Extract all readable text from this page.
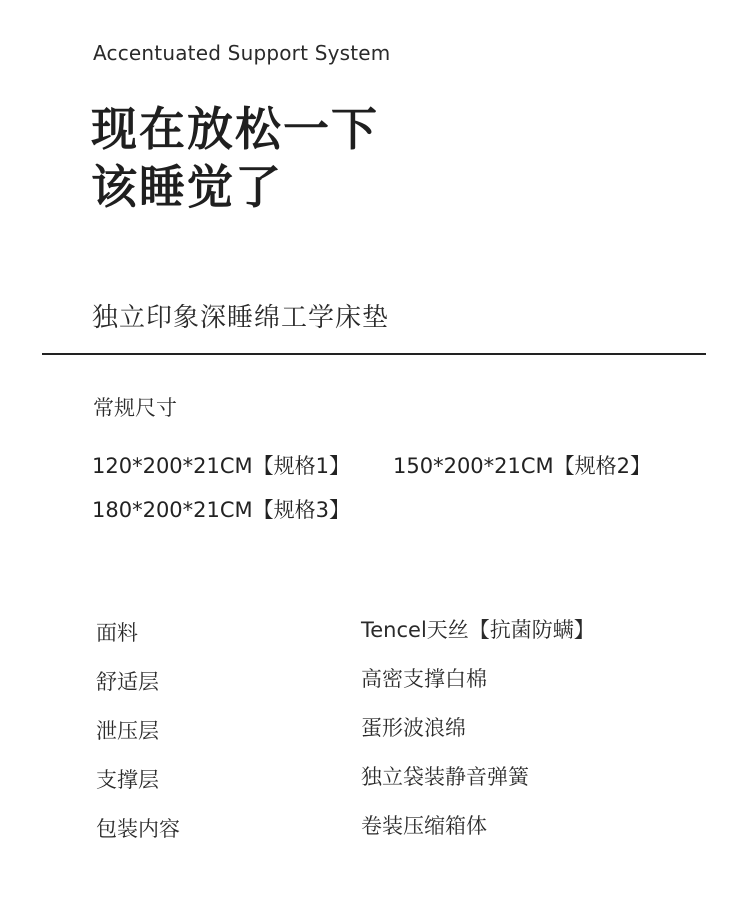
Accentuated Support System
现在放松一下
该睡觉了
独立印象深睡绵工学床垫
常规尺寸
120*200*21CM【规格1】 150*200*21CM【规格2】
180*200*21CM【规格3】
面料	Tencel天丝【抗菌防螨】
舒适层	高密支撑白棉
泄压层	蛋形波浪绵
支撑层	独立袋装静音弹簧
包装内容	卷装压缩箱体
